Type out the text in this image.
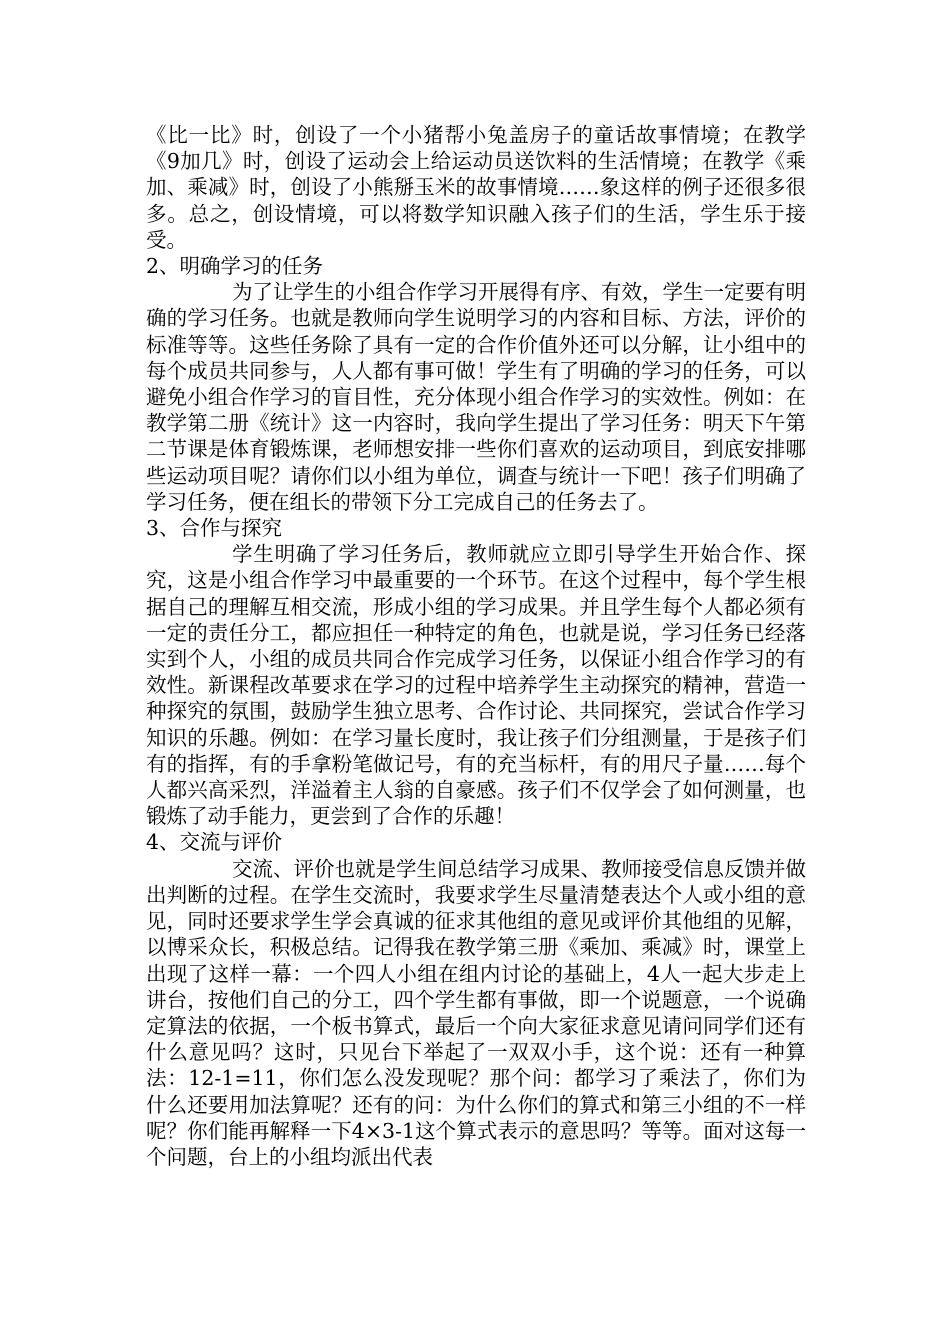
《比一比》时，创设了一个小猪帮小兔盖房子的童话故事情境；在教学《9加几》时，创设了运动会上给运动员送饮料的生活情境；在教学《乘加、乘减》时，创设了小熊掰玉米的故事情境……象这样的例子还很多很多。总之，创设情境，可以将数学知识融入孩子们的生活，学生乐于接受。

2、明确学习的任务

为了让学生的小组合作学习开展得有序、有效，学生一定要有明确的学习任务。也就是教师向学生说明学习的内容和目标、方法，评价的标准等等。这些任务除了具有一定的合作价值外还可以分解，让小组中的每个成员共同参与，人人都有事可做！学生有了明确的学习的任务，可以避免小组合作学习的盲目性，充分体现小组合作学习的实效性。例如：在教学第二册《统计》这一内容时，我向学生提出了学习任务：明天下午第二节课是体育锻炼课，老师想安排一些你们喜欢的运动项目，到底安排哪些运动项目呢？请你们以小组为单位，调查与统计一下吧！孩子们明确了学习任务，便在组长的带领下分工完成自己的任务去了。

3、合作与探究

学生明确了学习任务后，教师就应立即引导学生开始合作、探究，这是小组合作学习中最重要的一个环节。在这个过程中，每个学生根据自己的理解互相交流，形成小组的学习成果。并且学生每个人都必须有一定的责任分工，都应担任一种特定的角色，也就是说，学习任务已经落实到个人，小组的成员共同合作完成学习任务，以保证小组合作学习的有效性。新课程改革要求在学习的过程中培养学生主动探究的精神，营造一种探究的氛围，鼓励学生独立思考、合作讨论、共同探究，尝试合作学习知识的乐趣。例如：在学习量长度时，我让孩子们分组测量，于是孩子们有的指挥，有的手拿粉笔做记号，有的充当标杆，有的用尺子量……每个人都兴高采烈，洋溢着主人翁的自豪感。孩子们不仅学会了如何测量，也锻炼了动手能力，更尝到了合作的乐趣！

4、交流与评价

交流、评价也就是学生间总结学习成果、教师接受信息反馈并做出判断的过程。在学生交流时，我要求学生尽量清楚表达个人或小组的意见，同时还要求学生学会真诚的征求其他组的意见或评价其他组的见解，以博采众长，积极总结。记得我在教学第三册《乘加、乘减》时，课堂上出现了这样一幕：一个四人小组在组内讨论的基础上，4人一起大步走上讲台，按他们自己的分工，四个学生都有事做，即一个说题意，一个说确定算法的依据，一个板书算式，最后一个向大家征求意见请问同学们还有什么意见吗？这时，只见台下举起了一双双小手，这个说：还有一种算法：12-1=11，你们怎么没发现呢？那个问：都学习了乘法了，你们为什么还要用加法算呢？还有的问：为什么你们的算式和第三小组的不一样呢？你们能再解释一下4×3-1这个算式表示的意思吗？等等。面对这每一个问题，台上的小组均派出代表
